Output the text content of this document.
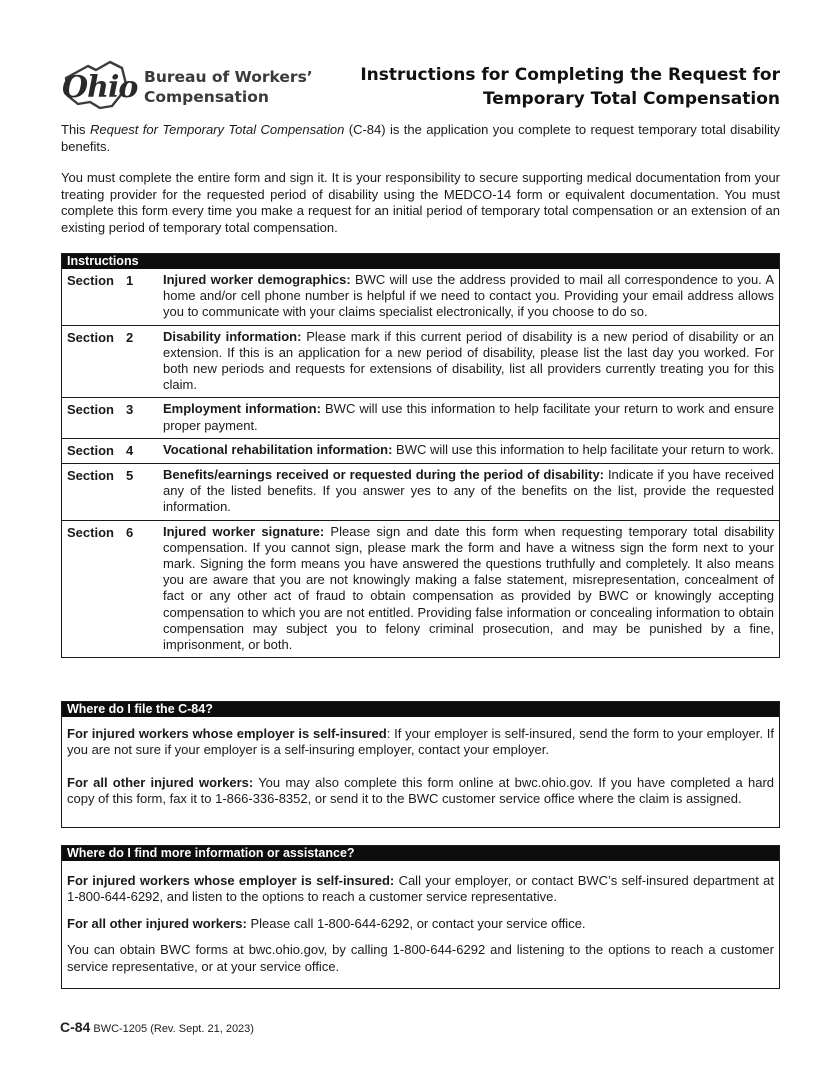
Ohio Bureau of Workers’
Compensation
Instructions for Completing the Request for
Temporary Total Compensation
This Request for Temporary Total Compensation (C-84) is the application you complete to request temporary total disability benefits.
You must complete the entire form and sign it. It is your responsibility to secure supporting medical documentation from your treating provider for the requested period of disability using the MEDCO-14 form or equivalent documentation. You must complete this form every time you make a request for an initial period of temporary total compensation or an extension of an existing period of temporary total compensation.
Instructions
Section 1 Injured worker demographics: BWC will use the address provided to mail all correspondence to you. A home and/or cell phone number is helpful if we need to contact you. Providing your email address allows you to communicate with your claims specialist electronically, if you choose to do so.
Section 2 Disability information: Please mark if this current period of disability is a new period of disability or an extension. If this is an application for a new period of disability, please list the last day you worked. For both new periods and requests for extensions of disability, list all providers currently treating you for this claim.
Section 3 Employment information: BWC will use this information to help facilitate your return to work and ensure proper payment.
Section 4 Vocational rehabilitation information: BWC will use this information to help facilitate your return to work.
Section 5 Benefits/earnings received or requested during the period of disability: Indicate if you have received any of the listed benefits. If you answer yes to any of the benefits on the list, provide the requested information.
Section 6 Injured worker signature: Please sign and date this form when requesting temporary total disability compensation. If you cannot sign, please mark the form and have a witness sign the form next to your mark. Signing the form means you have answered the questions truthfully and completely. It also means you are aware that you are not knowingly making a false statement, misrepresentation, concealment of fact or any other act of fraud to obtain compensation as provided by BWC or knowingly accepting compensation to which you are not entitled. Providing false information or concealing information to obtain compensation may subject you to felony criminal prosecution, and may be punished by a fine, imprisonment, or both.
Where do I file the C-84?
For injured workers whose employer is self-insured: If your employer is self-insured, send the form to your employer. If you are not sure if your employer is a self-insuring employer, contact your employer.
For all other injured workers: You may also complete this form online at bwc.ohio.gov. If you have completed a hard copy of this form, fax it to 1-866-336-8352, or send it to the BWC customer service office where the claim is assigned.
Where do I find more information or assistance?
For injured workers whose employer is self-insured: Call your employer, or contact BWC’s self-insured department at 1-800-644-6292, and listen to the options to reach a customer service representative.
For all other injured workers: Please call 1-800-644-6292, or contact your service office.
You can obtain BWC forms at bwc.ohio.gov, by calling 1-800-644-6292 and listening to the options to reach a customer service representative, or at your service office.
C-84 BWC-1205 (Rev. Sept. 21, 2023)
